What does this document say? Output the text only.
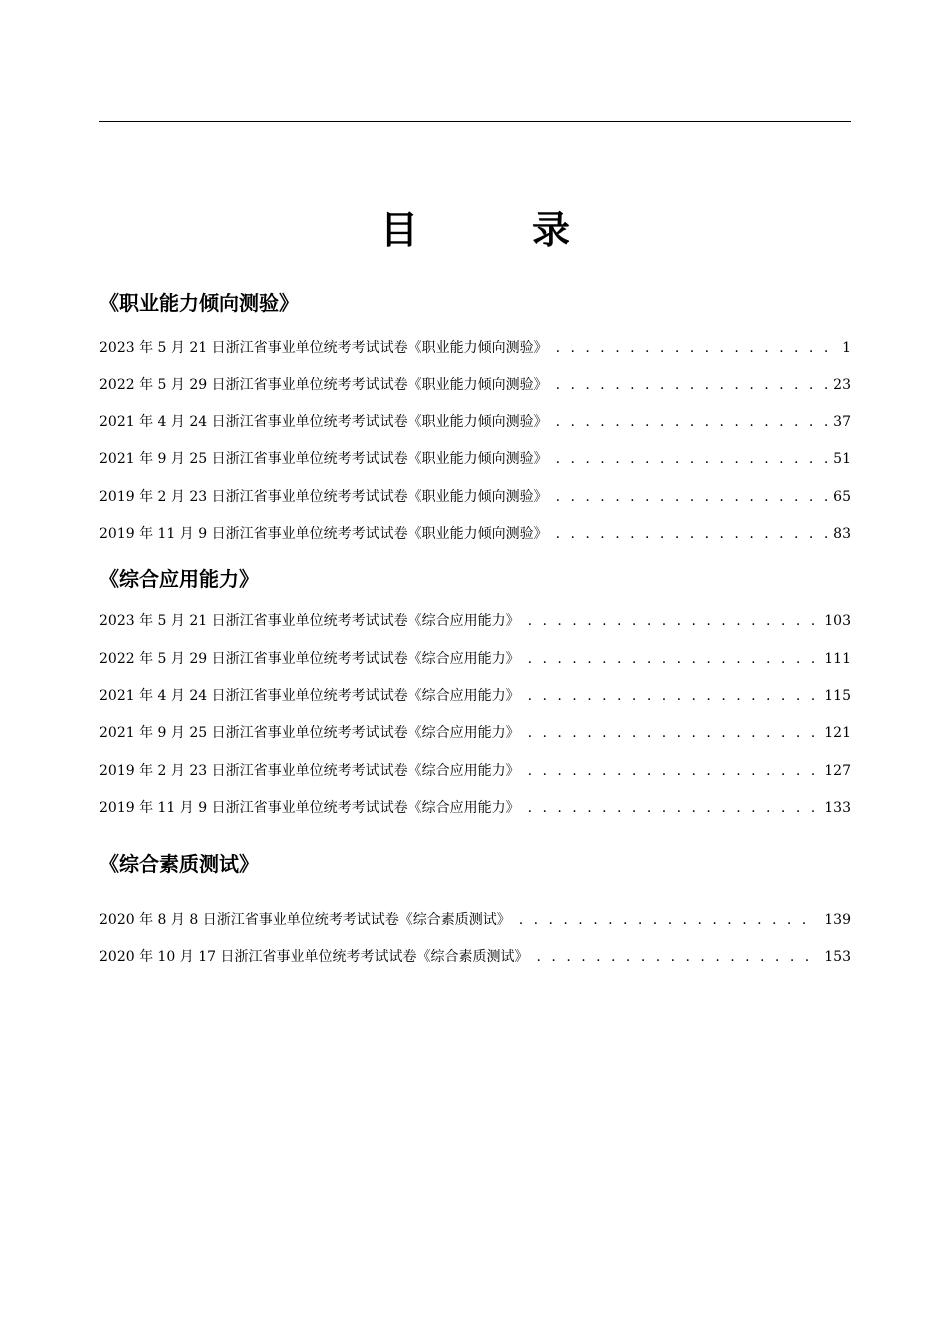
目　录
《职业能力倾向测验》
2023 年 5 月 21 日浙江省事业单位统考考试试卷《职业能力倾向测验》 . . .	1
2022 年 5 月 29 日浙江省事业单位统考考试试卷《职业能力倾向测验》 . . .	23
2021 年 4 月 24 日浙江省事业单位统考考试试卷《职业能力倾向测验》 . . .	37
2021 年 9 月 25 日浙江省事业单位统考考试试卷《职业能力倾向测验》 . . .	51
2019 年 2 月 23 日浙江省事业单位统考考试试卷《职业能力倾向测验》 . . .	65
2019 年 11 月 9 日浙江省事业单位统考考试试卷《职业能力倾向测验》 . . .	83
《综合应用能力》
2023 年 5 月 21 日浙江省事业单位统考考试试卷《综合应用能力》 . . .	103
2022 年 5 月 29 日浙江省事业单位统考考试试卷《综合应用能力》 . . .	111
2021 年 4 月 24 日浙江省事业单位统考考试试卷《综合应用能力》 . . .	115
2021 年 9 月 25 日浙江省事业单位统考考试试卷《综合应用能力》 . . .	121
2019 年 2 月 23 日浙江省事业单位统考考试试卷《综合应用能力》 . . .	127
2019 年 11 月 9 日浙江省事业单位统考考试试卷《综合应用能力》 . . .	133
《综合素质测试》
2020 年 8 月 8 日浙江省事业单位统考考试试卷《综合素质测试》 . . .	139
2020 年 10 月 17 日浙江省事业单位统考考试试卷《综合素质测试》 . . .	153
